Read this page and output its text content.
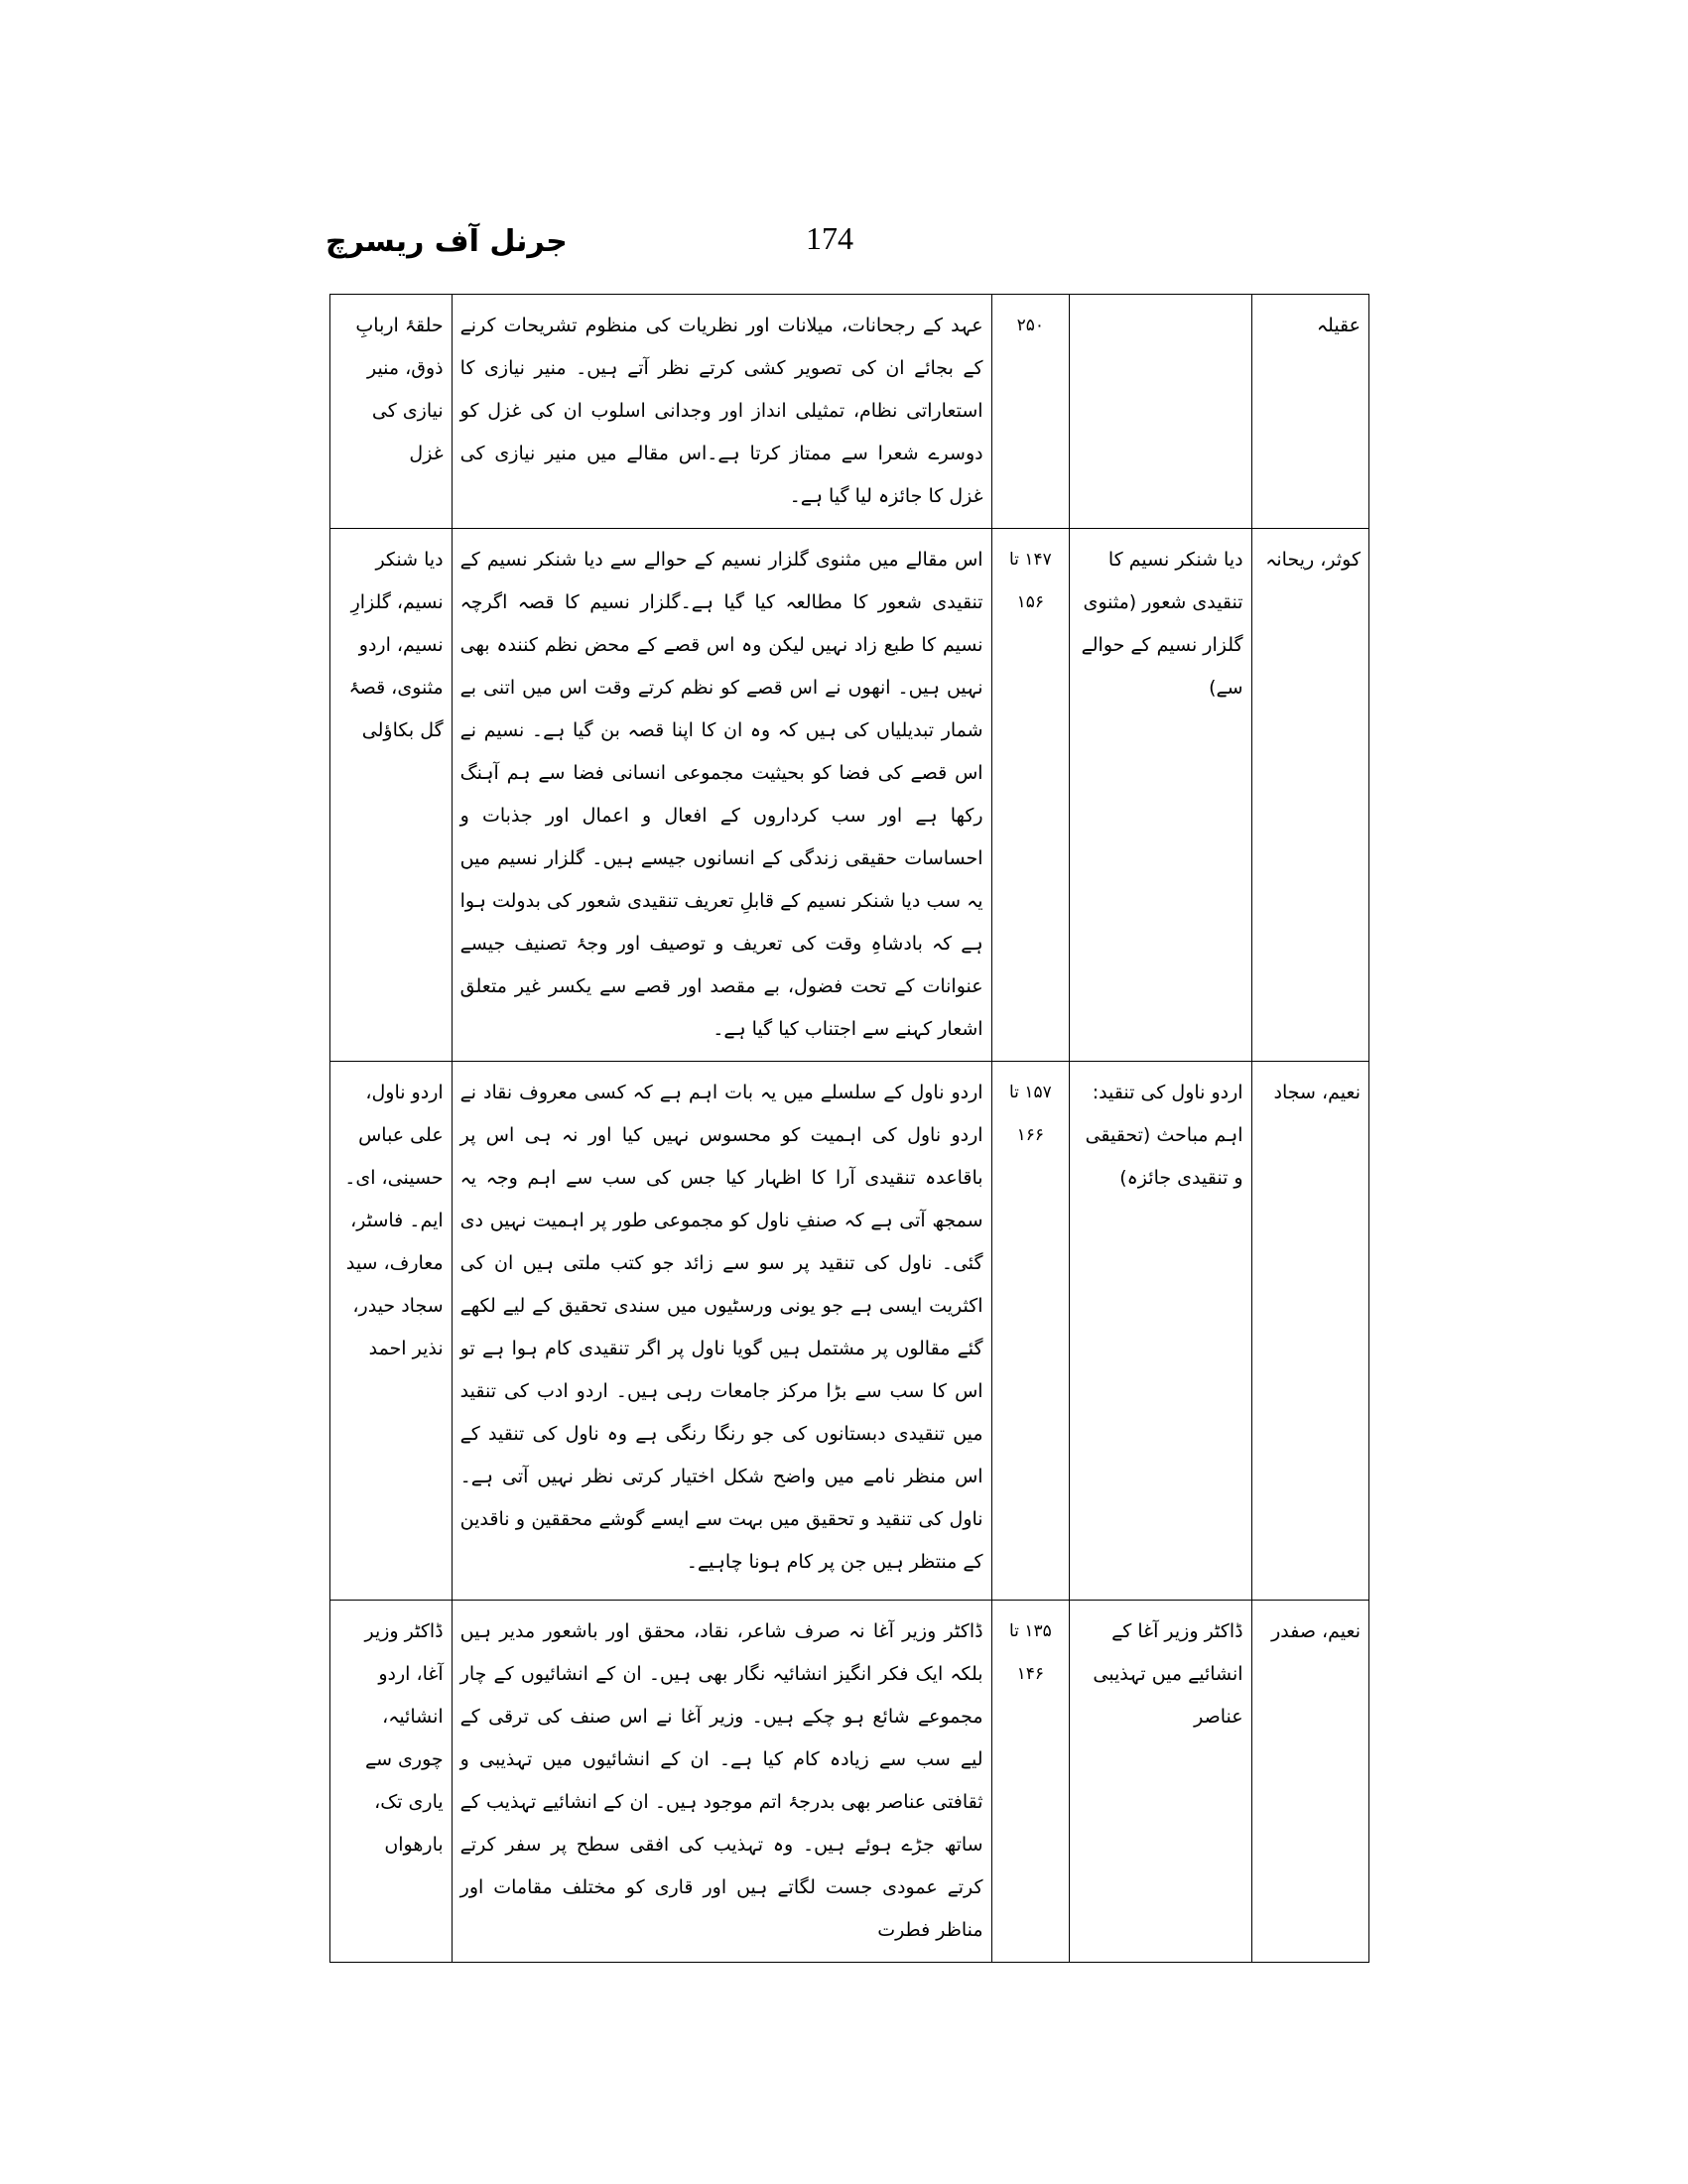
جرنل آف ریسرچ	174
عقیلہ		۲۵۰	عہد کے رجحانات، میلانات اور نظریات کی منظوم تشریحات کرنے کے بجائے ان کی تصویر کشی کرتے نظر آتے ہیں۔ منیر نیازی کا استعاراتی نظام، تمثیلی انداز اور وجدانی اسلوب ان کی غزل کو دوسرے شعرا سے ممتاز کرتا ہے۔اس مقالے میں منیر نیازی کی غزل کا جائزہ لیا گیا ہے۔	حلقۂ اربابِ ذوق، منیر نیازی کی غزل
کوثر، ریحانہ	دیا شنکر نسیم کا تنقیدی شعور (مثنوی گلزار نسیم کے حوالے سے)	۱۴۷ تا ۱۵۶	اس مقالے میں مثنوی گلزار نسیم کے حوالے سے دیا شنکر نسیم کے تنقیدی شعور کا مطالعہ کیا گیا ہے۔گلزار نسیم کا قصہ اگرچہ نسیم کا طبع زاد نہیں لیکن وہ اس قصے کے محض نظم کنندہ بھی نہیں ہیں۔ انھوں نے اس قصے کو نظم کرتے وقت اس میں اتنی بے شمار تبدیلیاں کی ہیں کہ وہ ان کا اپنا قصہ بن گیا ہے۔ نسیم نے اس قصے کی فضا کو بحیثیت مجموعی انسانی فضا سے ہم آہنگ رکھا ہے اور سب کرداروں کے افعال و اعمال اور جذبات و احساسات حقیقی زندگی کے انسانوں جیسے ہیں۔ گلزار نسیم میں یہ سب دیا شنکر نسیم کے قابلِ تعریف تنقیدی شعور کی بدولت ہوا ہے کہ بادشاہِ وقت کی تعریف و توصیف اور وجۂ تصنیف جیسے عنوانات کے تحت فضول، بے مقصد اور قصے سے یکسر غیر متعلق اشعار کہنے سے اجتناب کیا گیا ہے۔	دیا شنکر نسیم، گلزارِ نسیم، اردو مثنوی، قصۂ گل بکاؤلی
نعیم، سجاد	اردو ناول کی تنقید: اہم مباحث (تحقیقی و تنقیدی جائزہ)	۱۵۷ تا ۱۶۶	اردو ناول کے سلسلے میں یہ بات اہم ہے کہ کسی معروف نقاد نے اردو ناول کی اہمیت کو محسوس نہیں کیا اور نہ ہی اس پر باقاعدہ تنقیدی آرا کا اظہار کیا جس کی سب سے اہم وجہ یہ سمجھ آتی ہے کہ صنفِ ناول کو مجموعی طور پر اہمیت نہیں دی گئی۔ ناول کی تنقید پر سو سے زائد جو کتب ملتی ہیں ان کی اکثریت ایسی ہے جو یونی ورسٹیوں میں سندی تحقیق کے لیے لکھے گئے مقالوں پر مشتمل ہیں گویا ناول پر اگر تنقیدی کام ہوا ہے تو اس کا سب سے بڑا مرکز جامعات رہی ہیں۔ اردو ادب کی تنقید میں تنقیدی دبستانوں کی جو رنگا رنگی ہے وہ ناول کی تنقید کے اس منظر نامے میں واضح شکل اختیار کرتی نظر نہیں آتی ہے۔ ناول کی تنقید و تحقیق میں بہت سے ایسے گوشے محققین و ناقدین کے منتظر ہیں جن پر کام ہونا چاہیے۔	اردو ناول، علی عباس حسینی، ای۔ ایم۔ فاسٹر، معارف، سید سجاد حیدر، نذیر احمد
نعیم، صفدر	ڈاکٹر وزیر آغا کے انشائیے میں تہذیبی عناصر	۱۳۵ تا ۱۴۶	ڈاکٹر وزیر آغا نہ صرف شاعر، نقاد، محقق اور باشعور مدیر ہیں بلکہ ایک فکر انگیز انشائیہ نگار بھی ہیں۔ ان کے انشائیوں کے چار مجموعے شائع ہو چکے ہیں۔ وزیر آغا نے اس صنف کی ترقی کے لیے سب سے زیادہ کام کیا ہے۔ ان کے انشائیوں میں تہذیبی و ثقافتی عناصر بھی بدرجۂ اتم موجود ہیں۔ ان کے انشائیے تہذیب کے ساتھ جڑے ہوئے ہیں۔ وہ تہذیب کی افقی سطح پر سفر کرتے کرتے عمودی جست لگاتے ہیں اور قاری کو مختلف مقامات اور مناظر فطرت	ڈاکٹر وزیر آغا، اردو انشائیہ، چوری سے یاری تک، بارھواں
